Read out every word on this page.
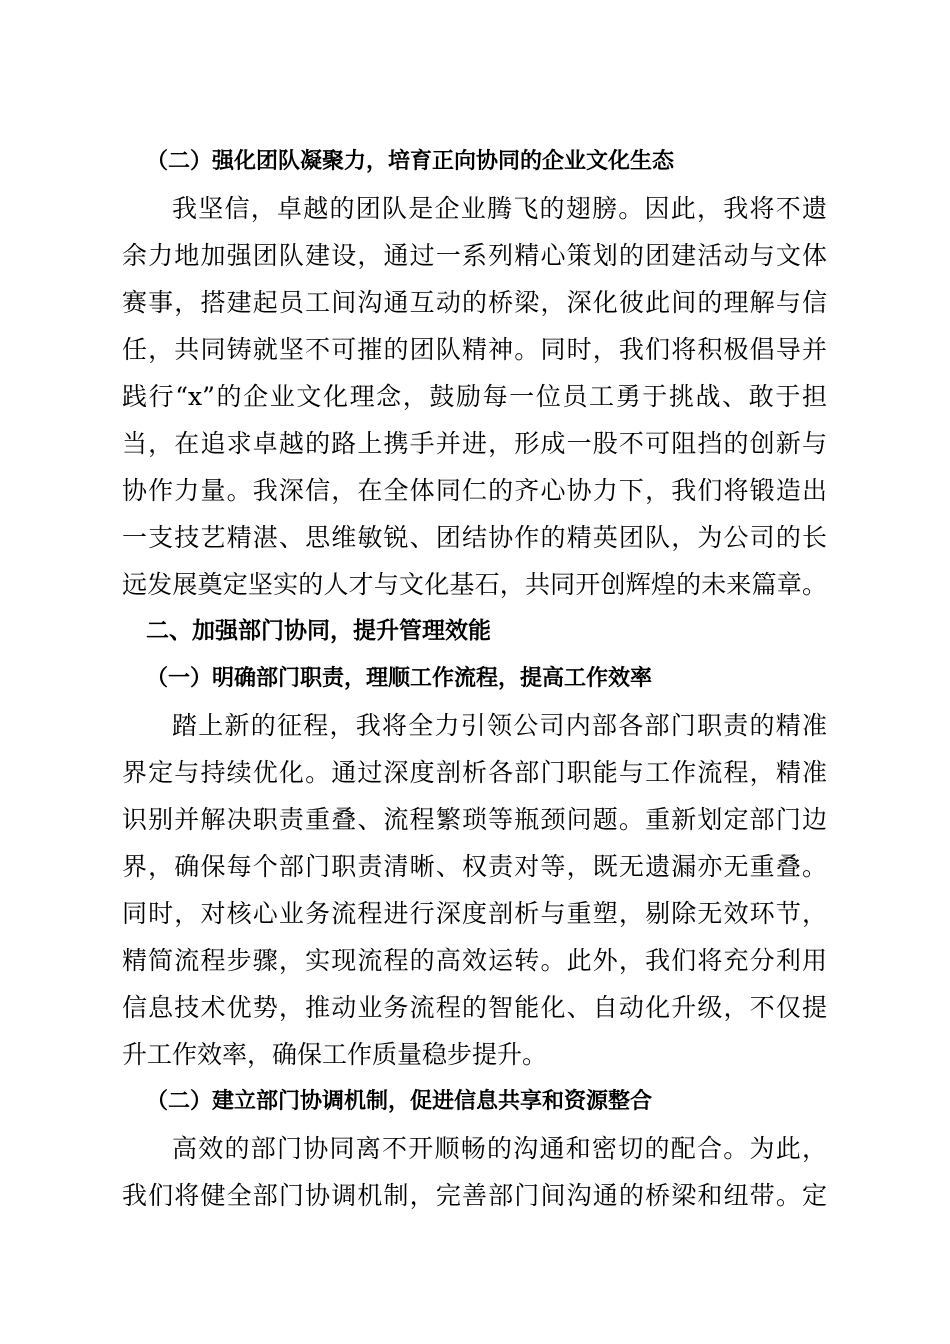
（二）强化团队凝聚力，培育正向协同的企业文化生态
我坚信，卓越的团队是企业腾飞的翅膀。因此，我将不遗
余力地加强团队建设，通过一系列精心策划的团建活动与文体
赛事，搭建起员工间沟通互动的桥梁，深化彼此间的理解与信
任，共同铸就坚不可摧的团队精神。同时，我们将积极倡导并
践行“x”的企业文化理念，鼓励每一位员工勇于挑战、敢于担
当，在追求卓越的路上携手并进，形成一股不可阻挡的创新与
协作力量。我深信，在全体同仁的齐心协力下，我们将锻造出
一支技艺精湛、思维敏锐、团结协作的精英团队，为公司的长
远发展奠定坚实的人才与文化基石，共同开创辉煌的未来篇章。
二、加强部门协同，提升管理效能
（一）明确部门职责，理顺工作流程，提高工作效率
踏上新的征程，我将全力引领公司内部各部门职责的精准
界定与持续优化。通过深度剖析各部门职能与工作流程，精准
识别并解决职责重叠、流程繁琐等瓶颈问题。重新划定部门边
界，确保每个部门职责清晰、权责对等，既无遗漏亦无重叠。
同时，对核心业务流程进行深度剖析与重塑，剔除无效环节，
精简流程步骤，实现流程的高效运转。此外，我们将充分利用
信息技术优势，推动业务流程的智能化、自动化升级，不仅提
升工作效率，确保工作质量稳步提升。
（二）建立部门协调机制，促进信息共享和资源整合
高效的部门协同离不开顺畅的沟通和密切的配合。为此，
我们将健全部门协调机制，完善部门间沟通的桥梁和纽带。定
